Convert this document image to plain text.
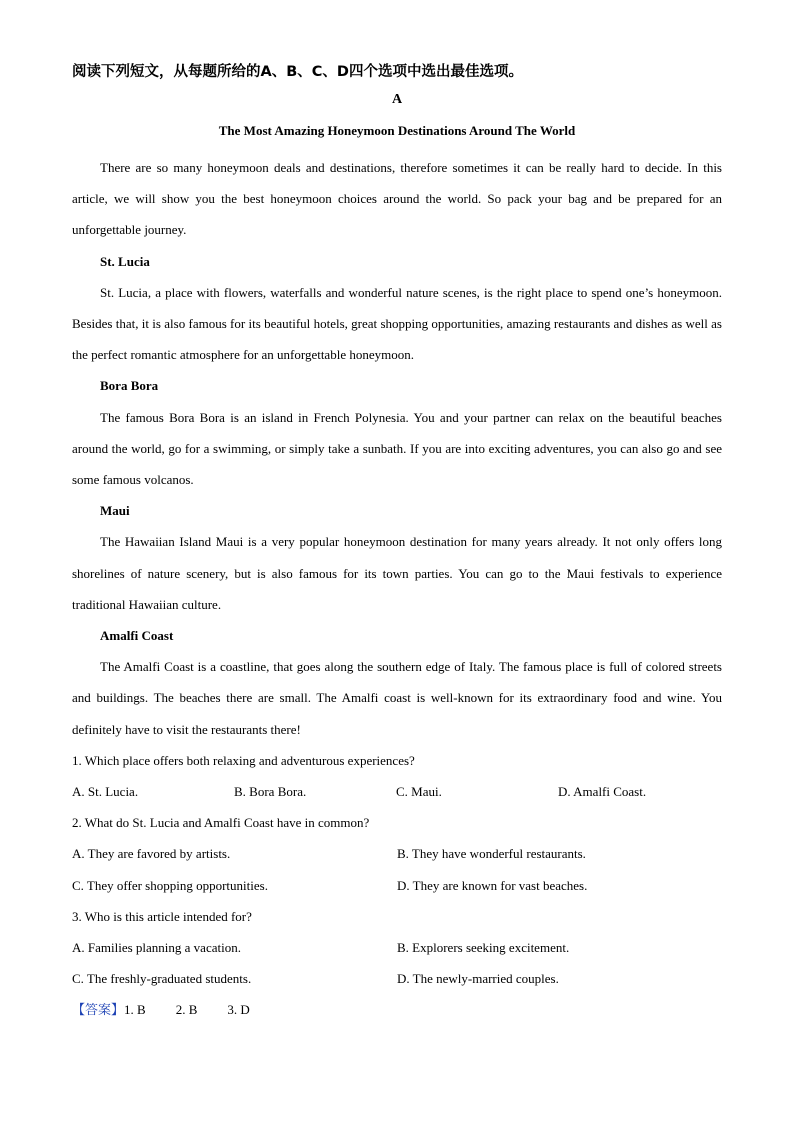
阅读下列短文，从每题所给的A、B、C、D四个选项中选出最佳选项。

A

The Most Amazing Honeymoon Destinations Around The World

There are so many honeymoon deals and destinations, therefore sometimes it can be really hard to decide. In this article, we will show you the best honeymoon choices around the world. So pack your bag and be prepared for an unforgettable journey.

St. Lucia

St. Lucia, a place with flowers, waterfalls and wonderful nature scenes, is the right place to spend one’s honeymoon. Besides that, it is also famous for its beautiful hotels, great shopping opportunities, amazing restaurants and dishes as well as the perfect romantic atmosphere for an unforgettable honeymoon.

Bora Bora

The famous Bora Bora is an island in French Polynesia. You and your partner can relax on the beautiful beaches around the world, go for a swimming, or simply take a sunbath. If you are into exciting adventures, you can also go and see some famous volcanos.

Maui

The Hawaiian Island Maui is a very popular honeymoon destination for many years already. It not only offers long shorelines of nature scenery, but is also famous for its town parties. You can go to the Maui festivals to experience traditional Hawaiian culture.

Amalfi Coast

The Amalfi Coast is a coastline, that goes along the southern edge of Italy. The famous place is full of colored streets and buildings. The beaches there are small. The Amalfi coast is well-known for its extraordinary food and wine. You definitely have to visit the restaurants there!

1. Which place offers both relaxing and adventurous experiences?

A. St. Lucia.	B. Bora Bora.	C. Maui.	D. Amalfi Coast.

2. What do St. Lucia and Amalfi Coast have in common?

A. They are favored by artists.	B. They have wonderful restaurants.
C. They offer shopping opportunities.	D. They are known for vast beaches.

3. Who is this article intended for?

A. Families planning a vacation.	B. Explorers seeking excitement.
C. The freshly-graduated students.	D. The newly-married couples.
【答案】1. B 2. B 3. D
